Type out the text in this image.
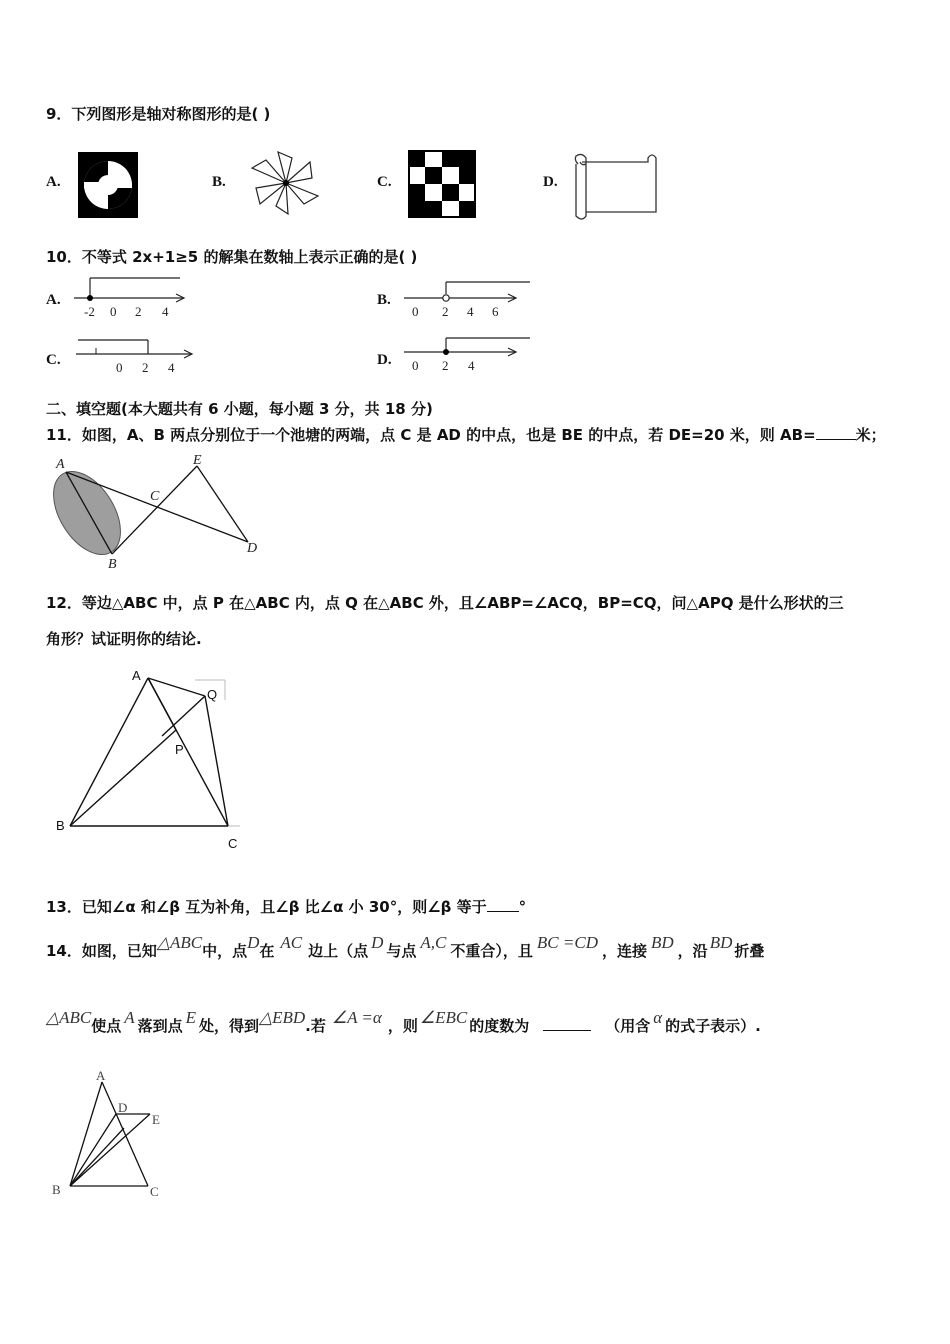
9．下列图形是轴对称图形的是( )
A.	B.	C.	D.
10．不等式 2x+1≥5 的解集在数轴上表示正确的是( )
A.
-2 0 2 4
B.
0 2 4 6
C.	0 2 4	D. 0 2 4
二、填空题(本大题共有 6 小题，每小题 3 分，共 18 分)
11．如图，A、B 两点分别位于一个池塘的两端，点 C 是 AD 的中点，也是 BE 的中点，若 DE=20 米，则 AB=	米；
A
B
C
D
E
12．等边△ABC 中，点 P 在△ABC 内，点 Q 在△ABC 外，且∠ABP=∠ACQ，BP=CQ，问△APQ 是什么形状的三
角形？试证明你的结论.
A
B
C
P
Q
13．已知∠α 和∠β 互为补角，且∠β 比∠α 小 30°，则∠β 等于 °
14．如图，已知△ABC中，点D在 AC 边上（点 D 与点 A,C 不重合），且 BC =CD ，连接 BD ，沿 BD 折叠
△ABC使点 A 落到点 E 处，得到△EBD.若 ∠A =α ，则 ∠EBC 的度数为	（用含 α 的式子表示）.
A
B	C
D
E
